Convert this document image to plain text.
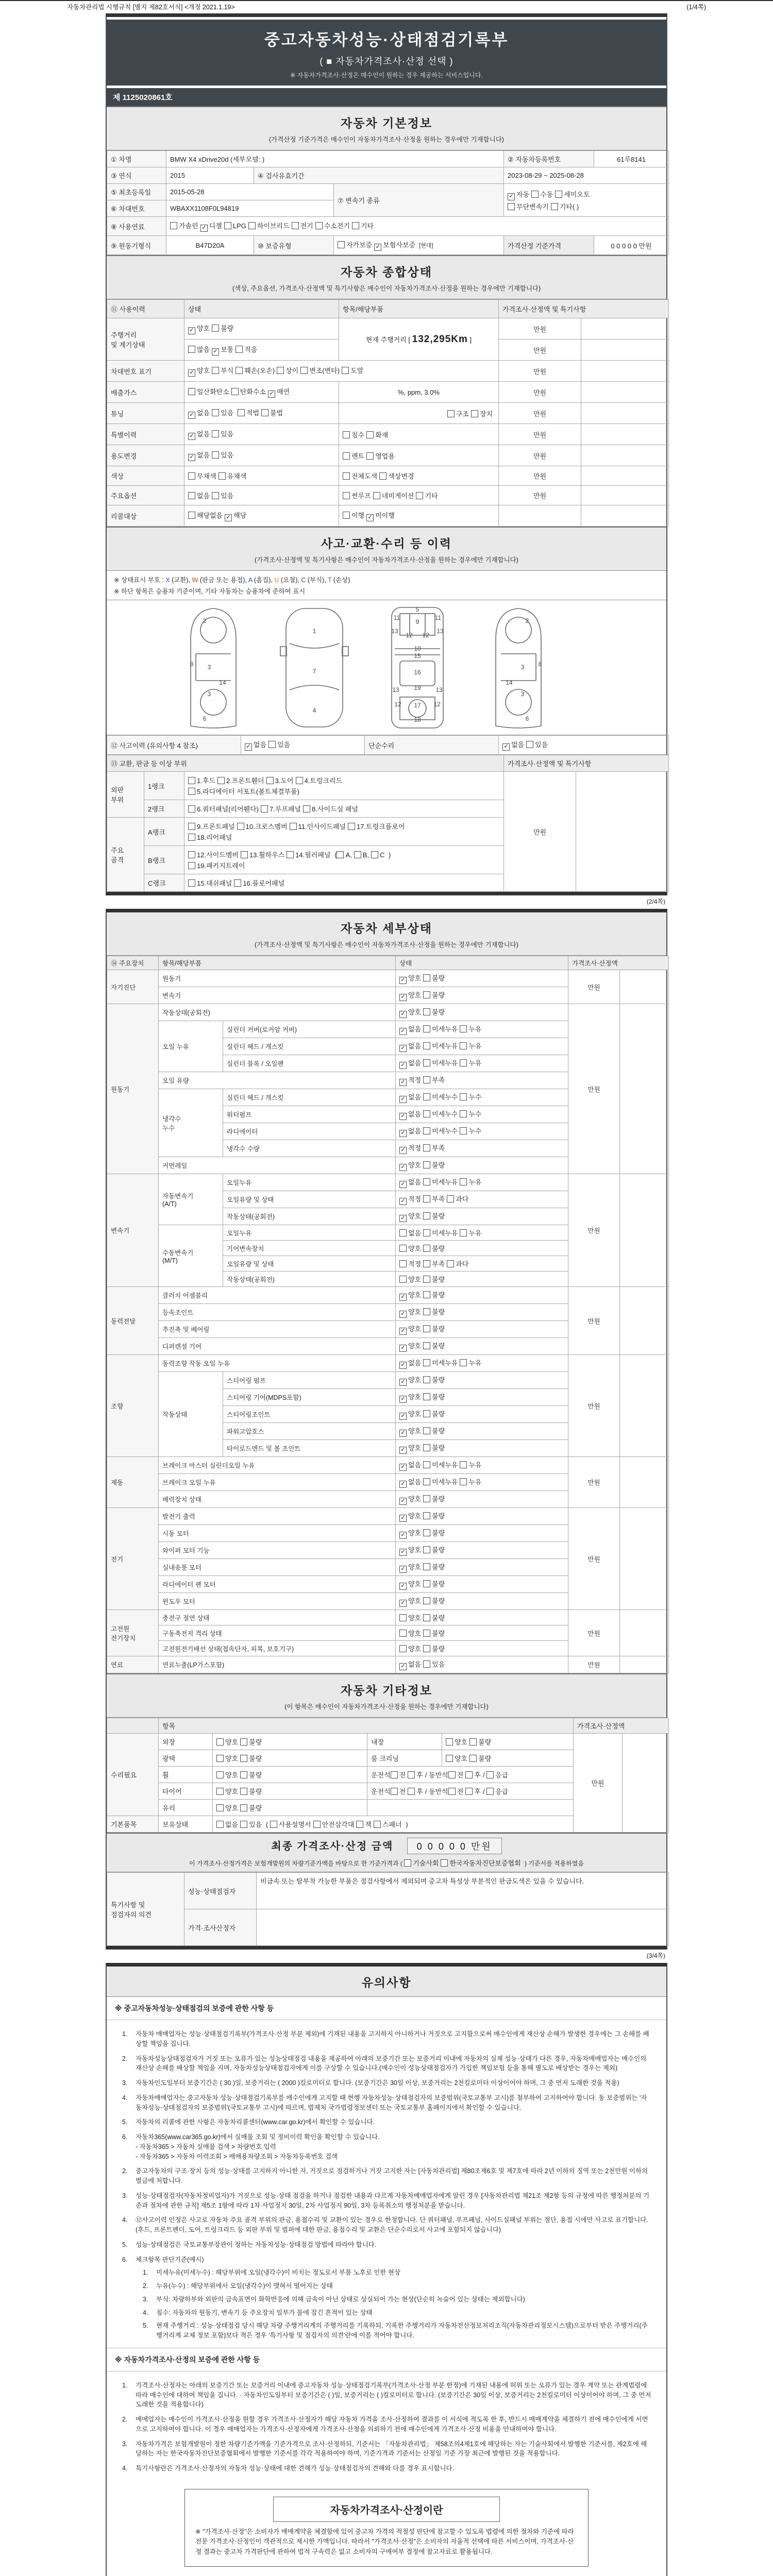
자동차관리법 시행규칙 [별지 제82호서식] <개정 2021.1.19>	(1/4쪽)
중고자동차성능·상태점검기록부
( ■ 자동차가격조사·산정 선택 )
※ 자동차가격조사·산정은 매수인이 원하는 경우 제공하는 서비스입니다.
제 1125020861호
자동차 기본정보
(가격산정 기준가격은 매수인이 자동차가격조사·산정을 원하는 경우에만 기재합니다)
① 차명	BMW X4 xDrive20d (세부모델: )			② 자동차등록번호	61루8141
③ 연식	2015	④ 검사유효기간		2023-08-29 ~ 2025-08-28	
⑤ 최초등록일	2015-05-28		⑦ 변속기 종류	✓ 자동 수동 세미오토
무단변속기 기타( )	
⑥ 차대번호	WBAXX1108F0L94819				
⑧ 사용연료	가솔린 ✓ 디젤 LPG 하이브리드 전기 수소전기 기타				
⑨ 원동기형식	B47D20A	⑩ 보증유형	자가보증 ✓ 보험사보증 [현대]	가격산정 기준가격	0 0 0 0 0 만원
자동차 종합상태
(색상, 주요옵션, 가격조사·산정액 및 특기사항은 매수인이 자동차가격조사·산정을 원하는 경우에만 기재합니다)
⑪ 사용이력	상태	항목/해당부품	가격조사·산정액 및 특기사항	
주행거리
및 계기상태	✓ 양호 불량	현재 주행거리 [ 132,295Km ]	만원	
	많음 ✓ 보통 적음		만원	
차대번호 표기	✓ 양호 부식 훼손(오손) 상이 변조(변타) 도말		만원	
배출가스	일산화탄소 탄화수소 ✓ 매연	%, ppm, 3.0%	만원	
튜닝	✓ 없음 있음 적법 불법	구조 장치	만원	
특별이력	✓ 없음 있음	침수 화재	만원	
용도변경	✓ 없음 있음	렌트 영업용	만원	
색상	무채색 유채색	전체도색 색상변경	만원	
주요옵션	없음 있음	썬루프 네비게이션 기타	만원	
리콜대상	해당없음 ✓ 해당	이행 ✓ 미이행		
사고·교환·수리 등 이력
(가격조사·산정액 및 특기사항은 매수인이 자동차가격조사·산정을 원하는 경우에만 기재합니다)
※ 상태표시 부호 : X (교환), W (판금 또는 용접), A (흠집), U (요철), C (부식), T (손상)
※ 하단 항목은 승용차 기준이며, 기타 자동차는 승용차에 준하여 표시
2
8 3
14
3
6
1
7
4
5
11
9
11
13
12 12
13
10
15
16
13 19 13
12 17 12
18
2
8
3
14
3
6
⑫ 사고이력 (유의사항 4 참조)	✓ 없음 있음	단순수리	✓ 없음 있음
⑬ 교환, 판금 등 이상 부위			가격조사·산정액 및 특기사항	
외판
부위	1랭크	1.후드 2.프론트휀더 3.도어 4.트렁크리드
5.라디에이터 서포트(볼트체결부품)	만원	
	2랭크	6.쿼터패널(리어휀다) 7.루프패널 8.사이드실 패널		
주요
골격	A랭크	9.프론트패널 10.크로스멤버 11.인사이드패널 17.트렁크플로어
18.리어패널		
	B랭크	12.사이드멤버 13.휠하우스 14.필러패널 ( A, B, C )
19.패키지트레이		
	C랭크	15.대쉬패널 16.플로어패널		
(2/4쪽)
자동차 세부상태
(가격조사·산정액 및 특기사항은 매수인이 자동차가격조사·산정을 원하는 경우에만 기재합니다)
⑭ 주요장치	항목/해당부품		상태	가격조사·산정액	
자기진단	원동기		✓ 양호 불량	만원	
	변속기		✓ 양호 불량		
원동기	작동상태(공회전)		✓ 양호 불량	만원	
	오일 누유	실린더 커버(로커암 커버)	✓ 없음 미세누유 누유		
		실린더 헤드 / 개스킷	✓ 없음 미세누유 누유		
		실린더 블록 / 오일팬	✓ 없음 미세누유 누유		
	오일 유량		✓ 적정 부족		
	냉각수
누수	실린더 헤드 / 개스킷	✓ 없음 미세누수 누수		
		워터펌프	✓ 없음 미세누수 누수		
		라디에이터	✓ 없음 미세누수 누수		
		냉각수 수량	✓ 적정 부족		
	커먼레일		✓ 양호 불량		
변속기	자동변속기
(A/T)	오일누유	✓ 없음 미세누유 누유	만원	
		오일유량 및 상태	✓ 적정 부족 과다		
		작동상태(공회전)	✓ 양호 불량		
	수동변속기
(M/T)	오일누유	없음 미세누유 누유		
		기어변속장치	양호 불량		
		오일유량 및 상태	적정 부족 과다		
		작동상태(공회전)	양호 불량		
동력전달	클러치 어셈블리		✓ 양호 불량	만원	
	등속조인트		✓ 양호 불량		
	추진축 및 베어링		✓ 양호 불량		
	디퍼렌셜 기어		✓ 양호 불량		
조향	동력조향 작동 오일 누유		✓ 없음 미세누유 누유	만원	
	작동상태	스티어링 펌프	✓ 양호 불량		
		스티어링 기어(MDPS포함)	✓ 양호 불량		
		스티어링조인트	✓ 양호 불량		
		파워고압호스	✓ 양호 불량		
		타이로드엔드 및 볼 조인트	✓ 양호 불량		
제동	브레이크 마스터 실린더오일 누유		✓ 없음 미세누유 누유	만원	
	브레이크 오일 누유		✓ 없음 미세누유 누유		
	배력장치 상태		✓ 양호 불량		
전기	발전기 출력		✓ 양호 불량	만원	
	시동 모터		✓ 양호 불량		
	와이퍼 모터 기능		✓ 양호 불량		
	실내송풍 모터		✓ 양호 불량		
	라디에이터 팬 모터		✓ 양호 불량		
	윈도우 모터		✓ 양호 불량		
고전원
전기장치	충전구 절연 상태		양호 불량	만원	
	구동축전지 격리 상태		양호 불량		
	고전원전기배선 상태(접속단자, 피복, 보호기구)		양호 불량		
연료	연료누출(LP가스포함)		✓ 없음 있음	만원	
자동차 기타정보
(이 항목은 매수인이 자동차가격조사·산정을 원하는 경우에만 기재합니다)
	항목				가격조사·산정액	
수리필요	외장	양호 불량	내장	양호 불량	만원	
	광택	양호 불량	룸 크리닝	양호 불량		
	휠	양호 불량	운전석 전 후 / 동반석 전 후 / 응급			
	타이어	양호 불량	운전석 전 후 / 동반석 전 후 / 응급			
	유리	양호 불량				
기본품목	보유상태	없음 있음 ( 사용설명서 안전삼각대 잭 스패너 )				
최종 가격조사·산정 금액	0 0 0 0 0 만원
이 가격조사·산정가격은 보험개발원의 차량기준가액을 바탕으로 한 기준가격과 ( 기술사회 한국자동차진단보증협회 ) 기준서를 적용하였음
특기사항 및
점검자의 의견	성능·상태점검자	비금속 또는 탈부착 가능한 부품은 점검사항에서 제외되며 중고차 특성상 부분적인 판금도색은 있을 수 있습니다.
	가격·조사산정자	
(3/4쪽)
유의사항
※ 중고자동차성능·상태점검의 보증에 관한 사항 등
1.	자동차 매매업자는 성능·상태점검기록부(가격조사·산정 부분 제외)에 기재된 내용을 고지하지 아니하거나 거짓으로 고지함으로써 매수인에게 재산상 손해가 발생한 경우에는 그 손해를 배상할 책임을 집니다.
2.	자동차성능상태점검자가 거짓 또는 오류가 있는 성능상태점검 내용을 제공하여 아래의 보증기간 또는 보증거리 이내에 자동차의 실제 성능·상태가 다른 경우, 자동차매매업자는 매수인의 재산상 손해를 배상할 책임을 지며, 자동차성능상태점검자에게 이를 구상할 수 있습니다.(매수인이 성능상태점검자가 가입한 책임보험 등을 통해 별도로 배상받는 경우는 제외)
3.	자동차인도일부터 보증기간은 ( 30 )일, 보증거리는 ( 2000 )킬로미터로 합니다. (보증기간은 30일 이상, 보증거리는 2천킬로미터 이상이어야 하며, 그 중 먼저 도래한 것을 적용)
4.	자동차매매업자는 중고자동차 성능·상태점검기록부를 매수인에게 고지할 때 현행 자동차성능·상태점검자의 보증범위(국토교통부 고시)를 첨부하여 고지하여야 합니다. 동 보증범위는 '자동차성능·상태점검자의 보증범위'(국토교통부 고시)에 따르며, 법제처 국가법령정보센터 또는 국토교통부 홈페이지에서 확인할 수 있습니다.
5.	자동차의 리콜에 관한 사항은 자동차리콜센터(www.car.go.kr)에서 확인할 수 있습니다.
6.	자동차365(www.car365.go.kr)에서 실매물 조회 및 정비이력 확인을 확인할 수 있습니다.
- 자동차365 > 자동차 실매물 검색 > 차량번호 입력
- 자동차365 > 자동차 이력조회 > 매매용차량조회 > 자동차등록번호 검색
2.	중고자동차의 구조·장치 등의 성능·상태를 고지하지 아니한 자, 거짓으로 점검하거나 거짓 고지한 자는 [자동차관리법] 제80조제6호 및 제7호에 따라 2년 이하의 징역 또는 2천만원 이하의 벌금에 처합니다.
3.	성능·상태점검자(자동차정비업자)가 거짓으로 성능·상태 점검을 하거나 점검한 내용과 다르게 자동차매매업자에게 알린 경우 [자동차관리법 제21조 제2항 등의 규정에 따른 행정처분의 기준과 절차에 관한 규칙] 제5조 1항에 따라 1차 사업정지 30일, 2차 사업정지 90일, 3차 등록취소의 행정처분을 받습니다.
4.	⑫사고이력 인정은 사고로 자동차 주요 골격 부위의 판금, 용접수리 및 교환이 있는 경우로 한정합니다. 단 쿼터패널, 루프패널, 사이드실패널 부위는 절단, 용접 시에만 사고로 표기합니다. (후드, 프론트펜더, 도어, 트렁크리드 등 외판 부위 및 범퍼에 대한 판금, 용접수리 및 교환은 단순수리로서 사고에 포함되지 않습니다)
5.	성능·상태점검은 국토교통부장관이 정하는 자동차성능·상태점검 방법에 따라야 합니다.
6.	체크항목 판단기준(예시)
1.	미세누유(미세누수) : 해당부위에 오일(냉각수)이 비치는 정도로서 부품 노후로 인한 현상
2.	누유(누수) : 해당부위에서 오일(냉각수)이 맺혀서 떨어지는 상태
3.	부식: 차량하부와 외판의 금속표면이 화학반응에 의해 금속이 아닌 상태로 상실되어 가는 현상(단순히 녹슬어 있는 상태는 제외합니다)
4.	침수: 자동차의 원동기, 변속기 등 주요장치 일부가 물에 잠긴 흔적이 있는 상태
5.	현재 주행거리 : 성능·상태점검 당시 해당 차량 주행거리계의 주행거리를 기록하되, 기록한 주행거리가 자동차전산정보처리조직(자동차관리정보시스템)으로부터 받은 주행거리(주행거리계 교체 정보 포함)보다 적은 경우 '특기사항 및 점검자의 의견'란에 이를 적어야 합니다.
※ 자동차가격조사·산정의 보증에 관한 사항 등
1.	가격조사·산정자는 아래의 보증기간 또는 보증거리 이내에 중고자동차 성능·상태점검기록부(가격조사·산정 부분 한정)에 기재된 내용에 허위 또는 오류가 있는 경우 계약 또는 관계법령에 따라 매수인에 대하여 책임을 집니다. · 자동차인도일부터 보증기간은 ( )일, 보증거리는 ( )킬로미터로 합니다. (보증기간은 30일 이상, 보증거리는 2천킬로미터 이상이어야 하며, 그 중 먼저 도래한 것을 적용합니다)
2.	매매업자는 매수인이 가격조사·산정을 원할 경우 가격조사·산정자가 해당 자동차 가격을 조사·산정하여 결과를 이 서식에 적도록 한 후, 반드시 매매계약을 체결하기 전에 매수인에게 서면으로 고지하여야 합니다. 이 경우 매매업자는 가격조사·산정자에게 가격조사·산정을 의뢰하기 전에 매수인에게 가격조사·산정 비용을 안내하여야 합니다.
3.	자동차가격은 보험개발원이 정한 차량기준가액을 기준가격으로 조사·산정하되, 기준서는 「자동차관리법」 제58조의4제1호에 해당하는 자는 기술사회에서 발행한 기준서를, 제2호에 해당하는 자는 한국자동차진단보증협회에서 발행한 기준서를 각각 적용하여야 하며, 기준가격과 기준서는 산정일 기준 가장 최근에 발행된 것을 적용합니다.
4.	특기사항란은 가격조사·산정자의 자동차 성능·상태에 대한 견해가 성능·상태점검자의 견해와 다를 경우 표시합니다.
자동차가격조사·산정이란

※ "가격조사·산정"은 소비자가 매매계약을 체결함에 있어 중고차 가격의 적절성 판단에 참고할 수 있도록 법령에 의한 절차와 기준에 따라 전문 가격조사·산정인이 객관적으로 제시한 가액입니다. 따라서 "가격조사·산정"은 소비자의 자율적 선택에 따른 서비스이며, 가격조사·산정 결과는 중고차 가격판단에 관하여 법적 구속력은 없고 소비자의 구매여부 결정에 참고자료로 활용됩니다.
